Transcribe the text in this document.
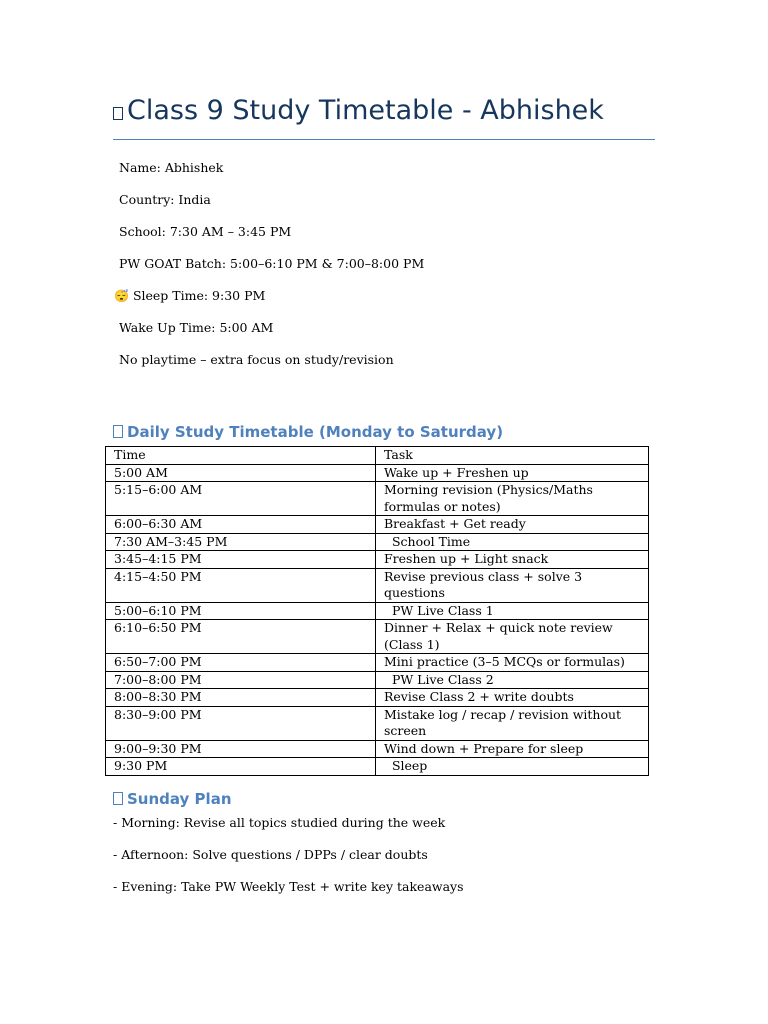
Class 9 Study Timetable - Abhishek
Name: Abhishek
Country: India
School: 7:30 AM – 3:45 PM
PW GOAT Batch: 5:00–6:10 PM & 7:00–8:00 PM
😴 Sleep Time: 9:30 PM
Wake Up Time: 5:00 AM
No playtime – extra focus on study/revision
Daily Study Timetable (Monday to Saturday)
Time	Task
5:00 AM	Wake up + Freshen up
5:15–6:00 AM	Morning revision (Physics/Maths formulas or notes)
6:00–6:30 AM	Breakfast + Get ready
7:30 AM–3:45 PM	School Time
3:45–4:15 PM	Freshen up + Light snack
4:15–4:50 PM	Revise previous class + solve 3 questions
5:00–6:10 PM	PW Live Class 1
6:10–6:50 PM	Dinner + Relax + quick note review (Class 1)
6:50–7:00 PM	Mini practice (3–5 MCQs or formulas)
7:00–8:00 PM	PW Live Class 2
8:00–8:30 PM	Revise Class 2 + write doubts
8:30–9:00 PM	Mistake log / recap / revision without screen
9:00–9:30 PM	Wind down + Prepare for sleep
9:30 PM	Sleep
Sunday Plan
- Morning: Revise all topics studied during the week
- Afternoon: Solve questions / DPPs / clear doubts
- Evening: Take PW Weekly Test + write key takeaways
